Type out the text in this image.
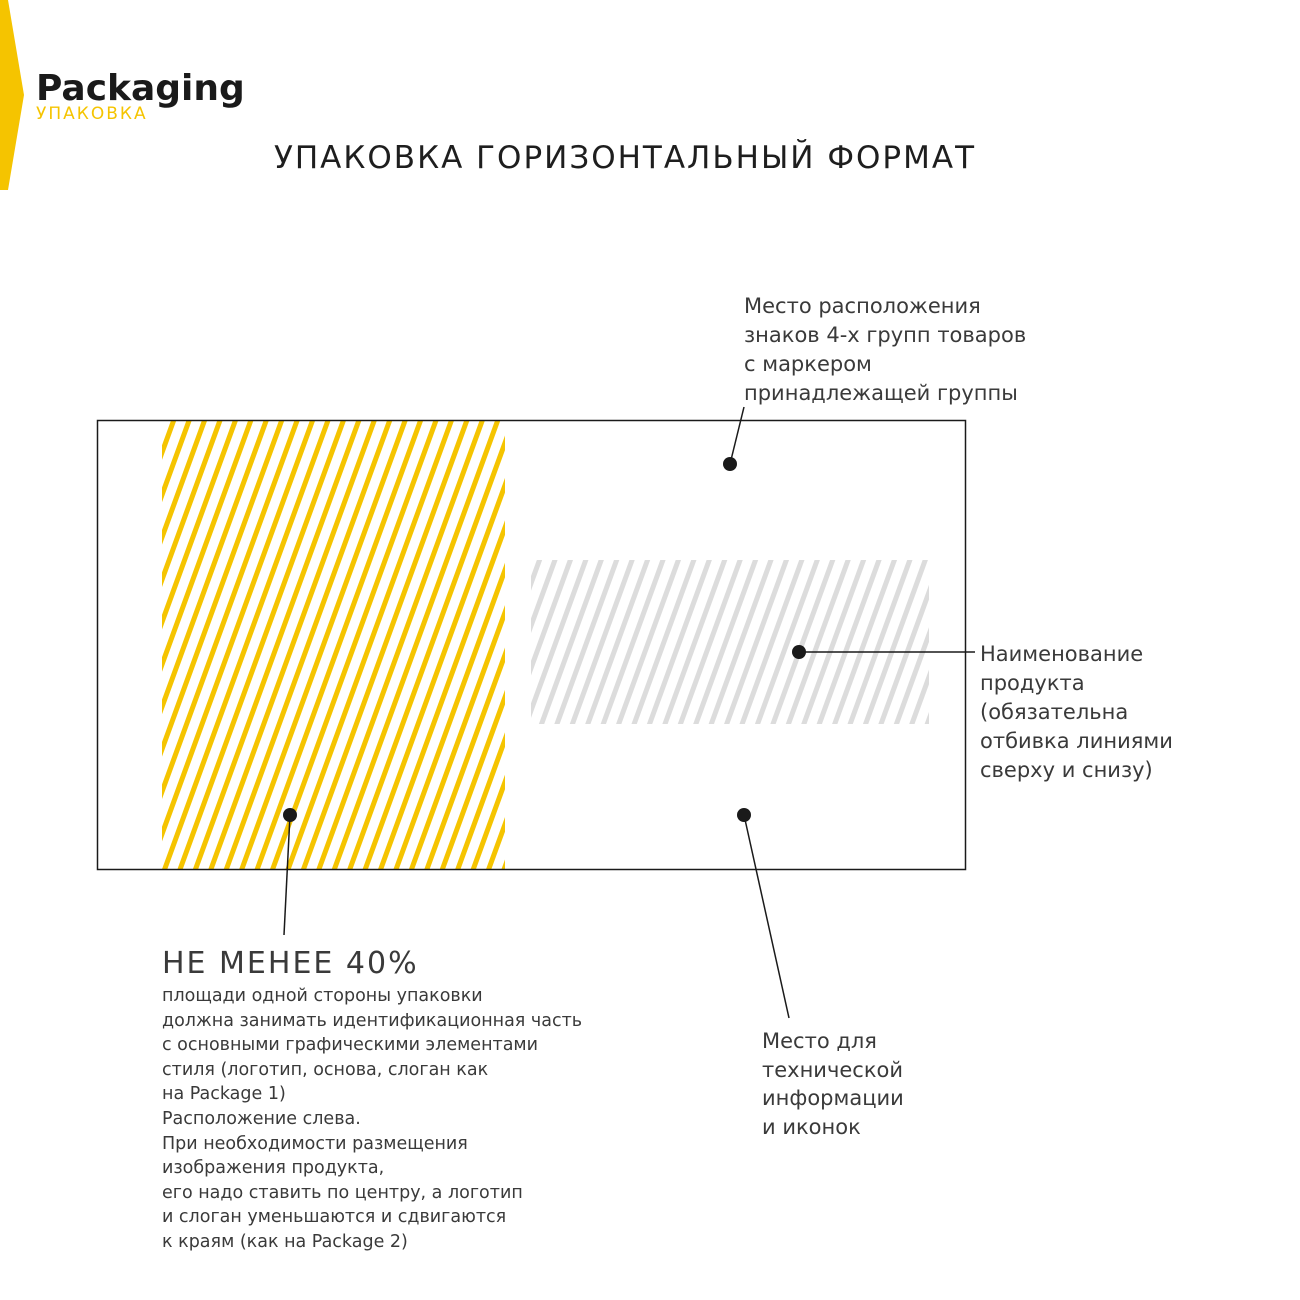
Packaging
УПАКОВКА
УПАКОВКА ГОРИЗОНТАЛЬНЫЙ ФОРМАТ
Место расположения
знаков 4-х групп товаров
с маркером
принадлежащей группы
Наименование
продукта
(обязательна
отбивка линиями
сверху и снизу)
Место для
технической
информации
и иконок
НЕ МЕНЕЕ 40%
площади одной стороны упаковки
должна занимать идентификационная часть
с основными графическими элементами
стиля (логотип, основа, слоган как
на Package 1)
Расположение слева.
При необходимости размещения
изображения продукта,
его надо ставить по центру, а логотип
и слоган уменьшаются и сдвигаются
к краям (как на Package 2)
